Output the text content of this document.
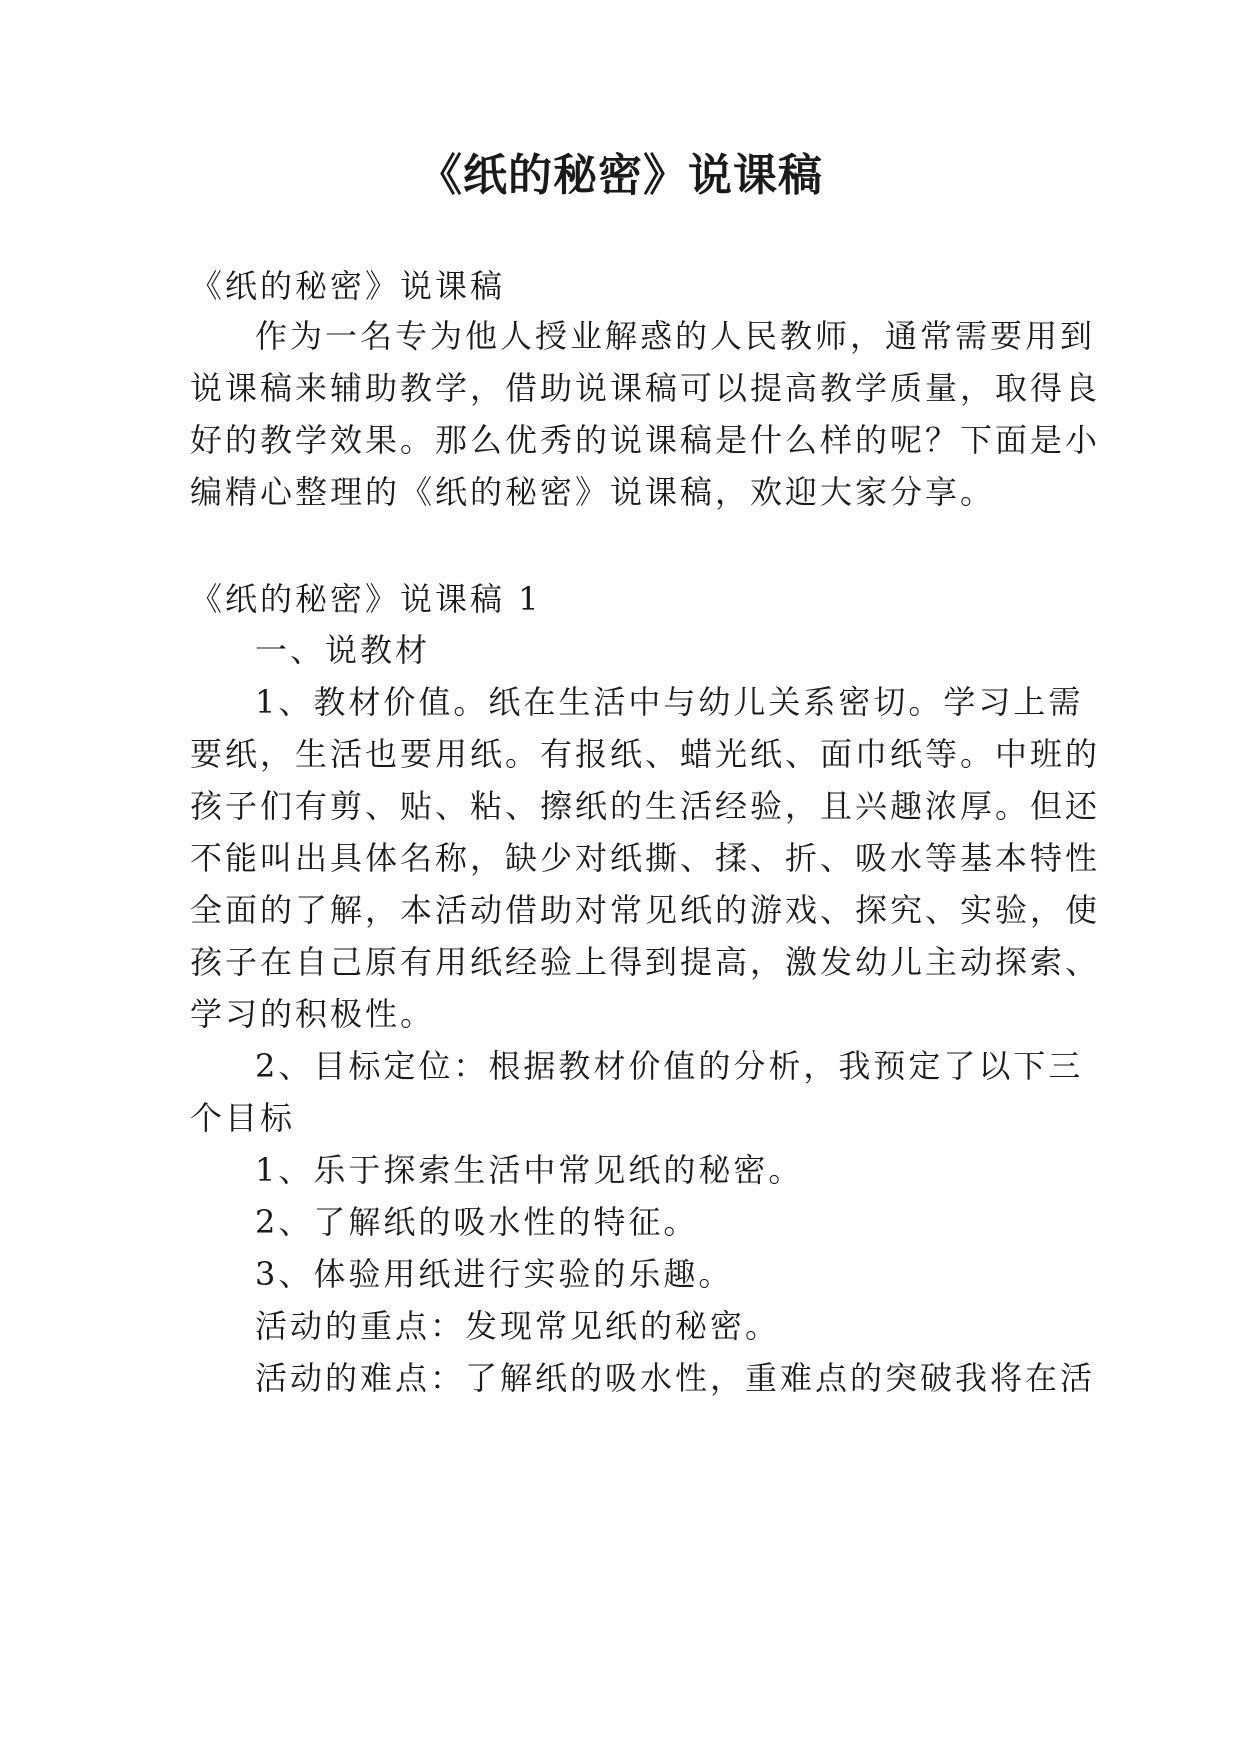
《纸的秘密》说课稿
《纸的秘密》说课稿
作为一名专为他人授业解惑的人民教师，通常需要用到
说课稿来辅助教学，借助说课稿可以提高教学质量，取得良
好的教学效果。那么优秀的说课稿是什么样的呢？下面是小
编精心整理的《纸的秘密》说课稿，欢迎大家分享。
《纸的秘密》说课稿 1
一、说教材
1、教材价值。纸在生活中与幼儿关系密切。学习上需
要纸，生活也要用纸。有报纸、蜡光纸、面巾纸等。中班的
孩子们有剪、贴、粘、擦纸的生活经验，且兴趣浓厚。但还
不能叫出具体名称，缺少对纸撕、揉、折、吸水等基本特性
全面的了解，本活动借助对常见纸的游戏、探究、实验，使
孩子在自己原有用纸经验上得到提高，激发幼儿主动探索、
学习的积极性。
2、目标定位：根据教材价值的分析，我预定了以下三
个目标
1、乐于探索生活中常见纸的秘密。
2、了解纸的吸水性的特征。
3、体验用纸进行实验的乐趣。
活动的重点：发现常见纸的秘密。
活动的难点：了解纸的吸水性，重难点的突破我将在活
